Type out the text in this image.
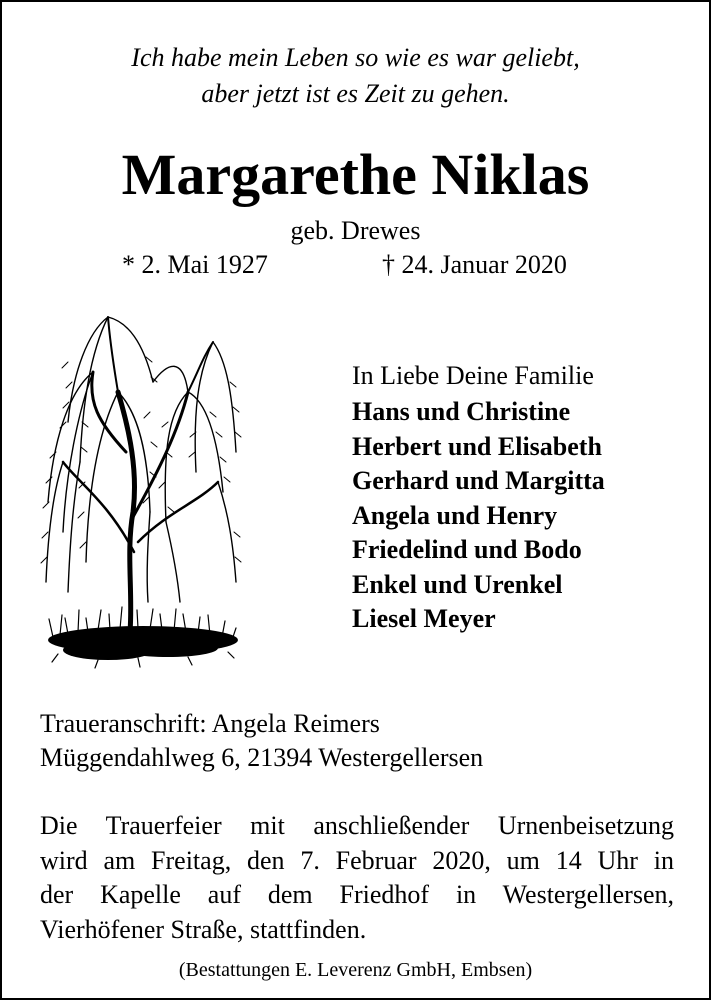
Ich habe mein Leben so wie es war geliebt,
aber jetzt ist es Zeit zu gehen.
Margarethe Niklas
geb. Drewes
* 2. Mai 1927	† 24. Januar 2020
In Liebe Deine Familie
Hans und Christine
Herbert und Elisabeth
Gerhard und Margitta
Angela und Henry
Friedelind und Bodo
Enkel und Urenkel
Liesel Meyer
Traueranschrift: Angela Reimers
Müggendahlweg 6, 21394 Westergellersen
Die Trauerfeier mit anschließender Urnenbeisetzung
wird am Freitag, den 7. Februar 2020, um 14 Uhr in
der Kapelle auf dem Friedhof in Westergellersen,
Vierhöfener Straße, stattfinden.
(Bestattungen E. Leverenz GmbH, Embsen)
